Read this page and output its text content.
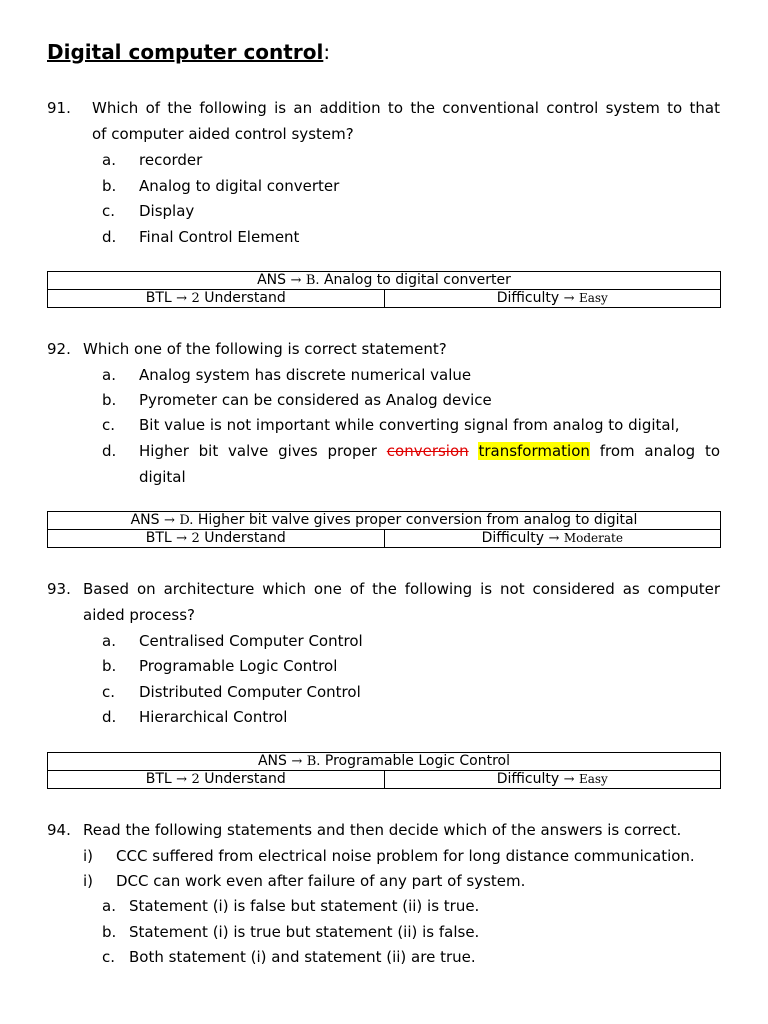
Digital computer control:
91. Which of the following is an addition to the conventional control system to that
of computer aided control system?
a. recorder
b. Analog to digital converter
c. Display
d. Final Control Element
ANS → B. Analog to digital converter
BTL → 2 Understand	Difficulty → Easy
92. Which one of the following is correct statement?
a. Analog system has discrete numerical value
b. Pyrometer can be considered as Analog device
c. Bit value is not important while converting signal from analog to digital,
d. Higher bit valve gives proper conversion transformation from analog to
digital
ANS → D. Higher bit valve gives proper conversion from analog to digital
BTL → 2 Understand	Difficulty → Moderate
93. Based on architecture which one of the following is not considered as computer
aided process?
a. Centralised Computer Control
b. Programable Logic Control
c. Distributed Computer Control
d. Hierarchical Control
ANS → B. Programable Logic Control
BTL → 2 Understand	Difficulty → Easy
94. Read the following statements and then decide which of the answers is correct.
i) CCC suffered from electrical noise problem for long distance communication.
i) DCC can work even after failure of any part of system.
a. Statement (i) is false but statement (ii) is true.
b. Statement (i) is true but statement (ii) is false.
c. Both statement (i) and statement (ii) are true.
